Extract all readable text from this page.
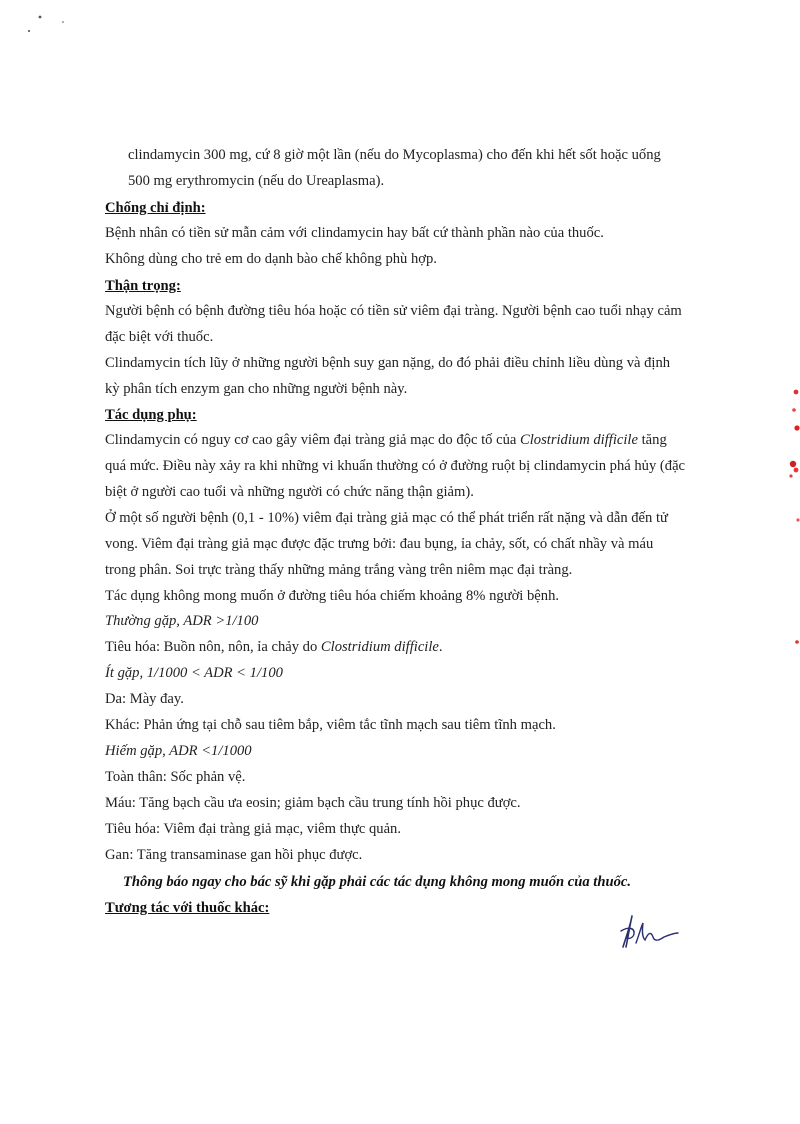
clindamycin 300 mg, cứ 8 giờ một lần (nếu do Mycoplasma) cho đến khi hết sốt hoặc uống
500 mg erythromycin (nếu do Ureaplasma).
Chống chỉ định:
Bệnh nhân có tiền sử mẫn cảm với clindamycin hay bất cứ thành phần nào của thuốc.
Không dùng cho trẻ em do dạnh bào chế không phù hợp.
Thận trọng:
Người bệnh có bệnh đường tiêu hóa hoặc có tiền sử viêm đại tràng. Người bệnh cao tuổi nhạy cảm
đặc biệt với thuốc.
Clindamycin tích lũy ở những người bệnh suy gan nặng, do đó phải điều chỉnh liều dùng và định
kỳ phân tích enzym gan cho những người bệnh này.
Tác dụng phụ:
Clindamycin có nguy cơ cao gây viêm đại tràng giả mạc do độc tố của Clostridium difficile tăng
quá mức. Điều này xảy ra khi những vi khuẩn thường có ở đường ruột bị clindamycin phá hủy (đặc
biệt ở người cao tuổi và những người có chức năng thận giảm).
Ở một số người bệnh (0,1 - 10%) viêm đại tràng giả mạc có thể phát triển rất nặng và dẫn đến tử
vong. Viêm đại tràng giả mạc được đặc trưng bởi: đau bụng, ỉa chảy, sốt, có chất nhầy và máu
trong phân. Soi trực tràng thấy những mảng trắng vàng trên niêm mạc đại tràng.
Tác dụng không mong muốn ở đường tiêu hóa chiếm khoảng 8% người bệnh.
Thường gặp, ADR >1/100
Tiêu hóa: Buồn nôn, nôn, ỉa chảy do Clostridium difficile.
Ít gặp, 1/1000 < ADR < 1/100
Da: Mày đay.
Khác: Phản ứng tại chỗ sau tiêm bắp, viêm tắc tĩnh mạch sau tiêm tĩnh mạch.
Hiếm gặp, ADR <1/1000
Toàn thân: Sốc phản vệ.
Máu: Tăng bạch cầu ưa eosin; giảm bạch cầu trung tính hồi phục được.
Tiêu hóa: Viêm đại tràng giả mạc, viêm thực quản.
Gan: Tăng transaminase gan hồi phục được.
Thông báo ngay cho bác sỹ khi gặp phải các tác dụng không mong muốn của thuốc.
Tương tác với thuốc khác:
